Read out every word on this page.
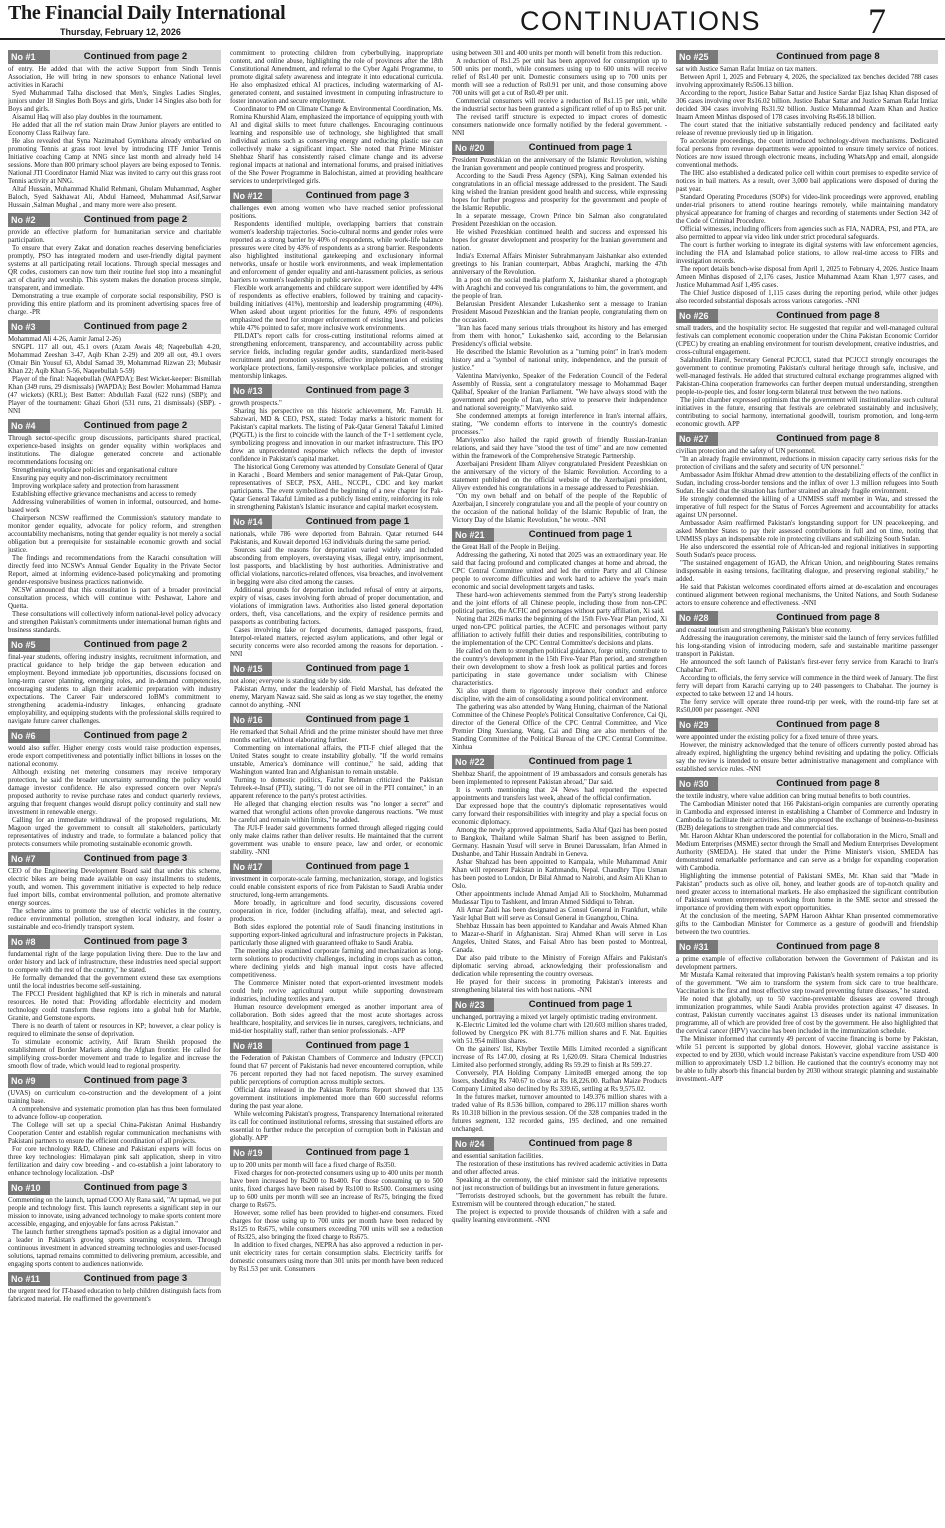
The Financial Daily International
Thursday, February 12, 2026	CONTINUATIONS	7
No #1	Continued from page 2

of entry. He added that with the active Support from Sindh Tennis Association, He will bring in new sponsors to enhance National level activities in Karachi

Syed Muhammad Talha disclosed that Men's, Singles Ladies Singles, juniors under 18 Singles Both Boys and girls, Under 14 Singles also both for Boys and girls.

Aisamul Haq will also play doubles in the tournament.

He added that all the ref station main Draw Junior players are entitled to Economy Class Railway fare.

He also revealed that Syna Nazimabad Gymkhana already embarked on promoting Tennis at grass root level by introducing ITF Junior Tennis Initiative coaching Camp at NNG since last month and already held 14 sessions. More than 800 primary school players are being exposed to Tennis. National JTI Coordinator Hamid Niaz was invited to carry out this grass root Tennis activity at NNG.

Altaf Hussain, Muhammad Khalid Rehmani, Ghulam Muhammad, Asgher Baloch, Syed Sakhawat Ali, Abdul Hameed, Muhammad Asif,Sarwar Hussain ,Salman Mughal , and many more were also present.

No #2	Continued from page 2

provide an effective platform for humanitarian service and charitable participation.

To ensure that every Zakat and donation reaches deserving beneficiaries promptly, PSO has integrated modern and user-friendly digital payment systems at all participating retail locations. Through special messages and QR codes, customers can now turn their routine fuel stop into a meaningful act of charity and worship. This system makes the donation process simple, transparent, and immediate.

Demonstrating a true example of corporate social responsibility, PSO is providing this entire platform and its prominent advertising spaces free of charge. -PR

No #3	Continued from page 2

Mohammad Ali 4-26, Aamir Jamal 2-26)

SNGPL 117 all out, 45.1 overs (Azam Awais 48; Naqeebullah 4-20, Mohammad Zeeshan 3-47, Aqib Khan 2-29) and 209 all out, 49.1 overs (Omair Bin Yousuf 63, Abdul Samad 39, Mohammad Rizwan 23; Mubasir Khan 22; Aqib Khan 5-56, Naqeebullah 5-59)

Player of the final: Naqeebullah (WAPDA); Best Wicket-keeper: Bismillah Khan (349 runs, 29 dismissals) (WAPDA); Best Bowler: Mohammad Hamza (47 wickets) (KRL); Best Batter: Abdullah Fazal (622 runs) (SBP); and Player of the tournament: Ghazi Ghori (531 runs, 21 dismissals) (SBP). -NNI

No #4	Continued from page 2

Through sector-specific group discussions, participants shared practical, experience-based insights on gender equality within workplaces and institutions. The dialogue generated concrete and actionable recommendations focusing on:

Strengthening workplace policies and organisational culture

Ensuring pay equity and non-discriminatory recruitment

Improving workplace safety and protection from harassment

Establishing effective grievance mechanisms and access to remedy

Addressing vulnerabilities of women in informal, outsourced, and home-based work

Chairperson NCSW reaffirmed the Commission's statutory mandate to monitor gender equality, advocate for policy reform, and strengthen accountability mechanisms, noting that gender equality is not merely a social obligation but a prerequisite for sustainable economic growth and social justice.

The findings and recommendations from the Karachi consultation will directly feed into NCSW's Annual Gender Equality in the Private Sector Report, aimed at informing evidence-based policymaking and promoting gender-responsive business practices nationwide.

NCSW announced that this consultation is part of a broader provincial consultation process, which will continue with: Peshawar, Lahore and Quetta.

These consultations will collectively inform national-level policy advocacy and strengthen Pakistan's commitments under international human rights and business standards.

No #5	Continued from page 2

final-year students, offering industry insights, recruitment information, and practical guidance to help bridge the gap between education and employment. Beyond immediate job opportunities, discussions focused on long-term career planning, emerging roles, and in-demand competencies, encouraging students to align their academic preparation with industry expectations. The Career Fair underscored IoBM's commitment to strengthening academia-industry linkages, enhancing graduate employability, and equipping students with the professional skills required to navigate future career challenges.

No #6	Continued from page 2

would also suffer. Higher energy costs would raise production expenses, erode export competitiveness and potentially inflict billions in losses on the national economy.

Although existing net metering consumers may receive temporary protection, he said the broader uncertainty surrounding the policy would damage investor confidence. He also expressed concern over Nepra's proposed authority to revise purchase rates and conduct quarterly reviews, arguing that frequent changes would disrupt policy continuity and stall new investment in renewable energy.

Calling for an immediate withdrawal of the proposed regulations, Mr. Magoon urged the government to consult all stakeholders, particularly representatives of industry and trade, to formulate a balanced policy that protects consumers while promoting sustainable economic growth.

No #7	Continued from page 3

CEO of the Engineering Development Board said that under this scheme, electric bikes are being made available on easy installments to students, youth, and women. This government initiative is expected to help reduce fuel import bills, combat environmental pollution, and promote alternative energy sources.

The scheme aims to promote the use of electric vehicles in the country, reduce environmental pollution, strengthen local industry, and foster a sustainable and eco-friendly transport system.

No #8	Continued from page 3

fundamental right of the large population living there. Due to the law and order history and lack of infrastructure, these industries need special support to compete with the rest of the country," he stated.

He formally demanded that the government extend these tax exemptions until the local industries become self-sustaining.

The FPCCI President highlighted that KP is rich in minerals and natural resources. He noted that: Providing affordable electricity and modern technology could transform these regions into a global hub for Marble, Granite, and Gemstone exports.

There is no dearth of talent or resources in KP; however, a clear policy is required to eliminate the sense of deprivation.

To stimulate economic activity, Atif Ikram Sheikh proposed the establishment of Border Markets along the Afghan frontier. He called for simplifying cross-border movement and trade to legalize and increase the smooth flow of trade, which would lead to regional prosperity.

No #9	Continued from page 3

(UVAS) on curriculum co-construction and the development of a joint training base.

A comprehensive and systematic promotion plan has thus been formulated to advance follow-up cooperation.

The College will set up a special China-Pakistan Animal Husbandry Cooperation Center and establish regular communication mechanisms with Pakistani partners to ensure the efficient coordination of all projects.

For core technology R&D, Chinese and Pakistani experts will focus on three key technologies: Himalayan pink salt application, sheep in vitro fertilization and dairy cow breeding - and co-establish a joint laboratory to enhance technology localization. -DsP

No #10	Continued from page 3

Commenting on the launch, tapmad COO Aly Rana said, "At tapmad, we put people and technology first. This launch represents a significant step in our mission to innovate, using advanced technology to make sports content more accessible, engaging, and enjoyable for fans across Pakistan."

The launch further strengthens tapmad's position as a digital innovator and a leader in Pakistan's growing sports streaming ecosystem. Through continuous investment in advanced streaming technologies and user-focused solutions, tapmad remains committed to delivering premium, accessible, and engaging sports content to audiences nationwide.

No #11	Continued from page 3

the urgent need for IT-based education to help children distinguish facts from fabricated material. He reaffirmed the government's

commitment to protecting children from cyberbullying, inappropriate content, and online abuse, highlighting the role of provinces after the 18th Constitutional Amendment, and referral to the Cyber Agahi Programme, to promote digital safety awareness and integrate it into educational curricula. He also emphasized ethical AI practices, including watermarking of AI-generated content, and sustained investment in computing infrastructure to foster innovation and secure employment.

Coordinator to PM on Climate Change & Environmental Coordination, Ms. Romina Khurshid Alam, emphasized the importance of equipping youth with AI and digital skills to meet future challenges. Encouraging continuous learning and responsible use of technology, she highlighted that small individual actions such as conserving energy and reducing plastic use can collectively make a significant impact. She noted that Prime Minister Shehbaz Sharif has consistently raised climate change and its adverse regional impacts at national and international forums, and praised initiatives of the She Power Programme in Balochistan, aimed at providing healthcare services to underprivileged girls.

No #12	Continued from page 3

challenges even among women who have reached senior professional positions.

Respondents identified multiple, overlapping barriers that constrain women's leadership trajectories. Socio-cultural norms and gender roles were reported as a strong barrier by 40% of respondents, while work-life balance pressures were cited by 43% of respondents as a strong barrier. Respondents also highlighted institutional gatekeeping and exclusionary informal networks, unsafe or hostile work environments, and weak implementation and enforcement of gender equality and anti-harassment policies, as serious barriers to women's leadership in public service.

Flexible work arrangements and childcare support were identified by 44% of respondents as effective enablers, followed by training and capacity-building initiatives (41%), mentorship and leadership programming (40%). When asked about urgent priorities for the future, 49% of respondents emphasized the need for stronger enforcement of existing laws and policies while 47% pointed to safer, more inclusive work environments.

PILDAT's report calls for cross-cutting institutional reforms aimed at strengthening enforcement, transparency, and accountability across public service fields, including regular gender audits, standardized merit-based recruitment and promotion systems, effective implementation of existing workplace protections, family-responsive workplace policies, and stronger mentorship linkages.

No #13	Continued from page 3

growth prospects."

Sharing his perspective on this historic achievement, Mr. Farrukh H. Sabzwari, MD & CEO, PSX, stated: Today marks a historic moment for Pakistan's capital markets. The listing of Pak-Qatar General Takaful Limited (PQGTL) is the first to coincide with the launch of the T+1 settlement cycle, symbolizing progress and innovation in our market infrastructure. This IPO drew an unprecedented response which reflects the depth of investor confidence in Pakistan's capital market.

The historical Gong Ceremony was attended by Consulate General of Qatar in Karachi , Board Members and senior management of Pak-Qatar Group, representatives of SECP, PSX, AHL, NCCPL, CDC and key market participants. The event symbolized the beginning of a new chapter for Pak-Qatar General Takaful Limited as a publicly listed entity, reinforcing its role in strengthening Pakistan's Islamic insurance and capital market ecosystem.

No #14	Continued from page 1

nationals, while 786 were deported from Bahrain. Qatar returned 644 Pakistanis, and Kuwait deported 163 individuals during the same period.

Sources said the reasons for deportation varied widely and included absconding from employers, overstaying visas, illegal entry, imprisonment, lost passports, and blacklisting by host authorities. Administrative and official violations, narcotics-related offences, visa breaches, and involvement in begging were also cited among the causes.

Additional grounds for deportation included refusal of entry at airports, expiry of visas, cases involving forth abroad of proper documentation, and violations of immigration laws. Authorities also listed general deportation orders, theft, visa cancellations, and the expiry of residence permits and passports as contributing factors.

Cases involving fake or forged documents, damaged passports, fraud, Interpol-related matters, rejected asylum applications, and other legal or security concerns were also recorded among the reasons for deportation. -NNI

No #15	Continued from page 1

not alone; everyone is standing side by side.

Pakistan Army, under the leadership of Field Marshal, has defeated the enemy, Maryam Nawaz said. She said as long as we stay together, the enemy cannot do anything. -NNI

No #16	Continued from page 1

He remarked that Sohail Afridi and the prime minister should have met three months earlier, without elaborating further.

Commenting on international affairs, the PTI-F chief alleged that the United States sought to create instability globally. "If the world remains unstable, America's dominance will continue," he said, adding that Washington wanted Iran and Afghanistan to remain unstable.

Turning to domestic politics, Fazlur Rehman criticized the Pakistan Tehreek-e-Insaf (PTI), stating, "I do not see oil in the PTI container," in an apparent reference to the party's protest activities.

He alleged that changing election results was "no longer a secret" and warned that wrongful actions often provoke dangerous reactions. "We must be careful and remain within limits," he added.

The JUI-F leader said governments formed through alleged rigging could only make claims rather than deliver results. He maintained that the current government was unable to ensure peace, law and order, or economic stability. -NNI

No #17	Continued from page 1

investment in corporate-scale farming, mechanization, storage, and logistics could enable consistent exports of rice from Pakistan to Saudi Arabia under structured, long-term arrangements.

More broadly, in agriculture and food security, discussions covered cooperation in rice, fodder (including alfalfa), meat, and selected agri-products.

Both sides explored the potential role of Saudi financing institutions in supporting export-linked agricultural and infrastructure projects in Pakistan, particularly those aligned with guaranteed offtake to Saudi Arabia.

The meeting also examined corporate farming and mechanization as long-term solutions to productivity challenges, including in crops such as cotton, where declining yields and high manual input costs have affected competitiveness.

The Commerce Minister noted that export-oriented investment models could help revive agricultural output while supporting downstream industries, including textiles and yarn.

Human resource development emerged as another important area of collaboration. Both sides agreed that the most acute shortages across healthcare, hospitality, and services lie in nurses, caregivers, technicians, and mid-tier hospitality staff, rather than senior professionals. -APP

No #18	Continued from page 1

the Federation of Pakistan Chambers of Commerce and Industry (FPCCI) found that 67 percent of Pakistanis had never encountered corruption, while 76 percent reported they had not faced nepotism. The survey examined public perceptions of corruption across multiple sectors.

Official data released in the Pakistan Reforms Report showed that 135 government institutions implemented more than 600 successful reforms during the past year alone.

While welcoming Pakistan's progress, Transparency International reiterated its call for continued institutional reforms, stressing that sustained efforts are essential to further reduce the perception of corruption both in Pakistan and globally. APP

No #19	Continued from page 1

up to 200 units per month will face a fixed charge of Rs350.

Fixed charges for non-protected consumers using up to 400 units per month have been increased by Rs200 to Rs400. For those consuming up to 500 units, fixed charges have been raised by Rs100 to Rs500. Consumers using up to 600 units per month will see an increase of Rs75, bringing the fixed charge to Rs675.

However, some relief has been provided to higher-end consumers. Fixed charges for those using up to 700 units per month have been reduced by Rs125 to Rs675, while consumers exceeding 700 units will see a reduction of Rs325, also bringing the fixed charge to Rs675.

In addition to fixed charges, NEPRA has also approved a reduction in per-unit electricity rates for certain consumption slabs. Electricity tariffs for domestic consumers using more than 301 units per month have been reduced by Rs1.53 per unit. Consumers

using between 301 and 400 units per month will benefit from this reduction.

A reduction of Rs1.25 per unit has been approved for consumption up to 500 units per month, while consumers using up to 600 units will receive relief of Rs1.40 per unit. Domestic consumers using up to 700 units per month will see a reduction of Rs0.91 per unit, and those consuming above 700 units will get a cut of Rs0.49 per unit.

Commercial consumers will receive a reduction of Rs1.15 per unit, while the industrial sector has been granted a significant relief of up to Rs5 per unit.

The revised tariff structure is expected to impact crores of domestic consumers nationwide once formally notified by the federal government. -NNI

No #20	Continued from page 1

President Pezeshkian on the anniversary of the Islamic Revolution, wishing the Iranian government and people continued progress and prosperity.

According to the Saudi Press Agency (SPA), King Salman extended his congratulations in an official message addressed to the president. The Saudi king wished the Iranian president good health and success, while expressing hopes for further progress and prosperity for the government and people of the Islamic Republic.

In a separate message, Crown Prince bin Salman also congratulated President Pezeshkian on the occasion.

He wished Pezeshkian continued health and success and expressed his hopes for greater development and prosperity for the Iranian government and nation.

India's External Affairs Minister Subrahmanyam Jaishankar also extended greetings to his Iranian counterpart, Abbas Araghchi, marking the 47th anniversary of the Revolution.

In a post on the social media platform X, Jaishankar shared a photograph with Araghchi and conveyed his congratulations to him, the government, and the people of Iran.

Belarusian President Alexander Lukashenko sent a message to Iranian President Masoud Pezeshkian and the Iranian people, congratulating them on the occasion.

"Iran has faced many serious trials throughout its history and has emerged from them with honor," Lukashenko said, according to the Belarusian Presidency's official website.

He described the Islamic Revolution as a "turning point" in Iran's modern history and a "symbol of national unity, independence, and the pursuit of justice."

Valentina Matviyenko, Speaker of the Federation Council of the Federal Assembly of Russia, sent a congratulatory message to Mohammad Baqer Qalibaf, Speaker of the Iranian Parliament. "We have always stood with the government and people of Iran, who strive to preserve their independence and national sovereignty," Matviyenko said.

She condemned attempts at foreign interference in Iran's internal affairs, stating, "We condemn efforts to intervene in the country's domestic processes."

Matviyenko also hailed the rapid growth of friendly Russian-Iranian relations, and said they have "stood the test of time" and are now cemented within the framework of the Comprehensive Strategic Partnership.

Azerbaijani President Ilham Aliyev congratulated President Pezeshkian on the anniversary of the victory of the Islamic Revolution. According to a statement published on the official website of the Azerbaijani president, Aliyev extended his congratulations in a message addressed to Pezeshkian.

"On my own behalf and on behalf of the people of the Republic of Azerbaijan, I sincerely congratulate you and all the people of your country on the occasion of the national holiday of the Islamic Republic of Iran, the Victory Day of the Islamic Revolution," he wrote. -NNI

No #21	Continued from page 1

the Great Hall of the People in Beijing.

Addressing the gathering, Xi noted that 2025 was an extraordinary year. He said that facing profound and complicated changes at home and abroad, the CPC Central Committee united and led the entire Party and all Chinese people to overcome difficulties and work hard to achieve the year's main economic and social development targets and tasks.

These hard-won achievements stemmed from the Party's strong leadership and the joint efforts of all Chinese people, including those from non-CPC political parties, the ACFIC and personages without party affiliation, Xi said.

Noting that 2026 marks the beginning of the 15th Five-Year Plan period, Xi urged non-CPC political parties, the ACFIC and personages without party affiliation to actively fulfill their duties and responsibilities, contributing to the implementation of the CPC Central Committee's decisions and plans.

He called on them to strengthen political guidance, forge unity, contribute to the country's development in the 15th Five-Year Plan period, and strengthen their own development to show a fresh look as political parties and forces participating in state governance under socialism with Chinese characteristics.

Xi also urged them to rigorously improve their conduct and enforce discipline, with the aim of consolidating a sound political environment.

The gathering was also attended by Wang Huning, chairman of the National Committee of the Chinese People's Political Consultative Conference, Cai Qi, director of the General Office of the CPC Central Committee, and Vice Premier Ding Xuexiang. Wang, Cai and Ding are also members of the Standing Committee of the Political Bureau of the CPC Central Committee. Xinhua

No #22	Continued from page 1

Shehbaz Sharif, the appointment of 19 ambassadors and consuls generals has been implemented to represent Pakistan abroad," Dar said.

It is worth mentioning that 24 News had reported the expected appointments and transfers last week, ahead of the official confirmation.

Dar expressed hope that the country's diplomatic representatives would carry forward their responsibilities with integrity and play a special focus on economic diplomacy.

Among the newly approved appointments, Sadia Altaf Qazi has been posted to Bangkok, Thailand while Salman Sharif has been assigned to Berlin, Germany. Hasnain Yusuf will serve in Brunei Darussalam, Irfan Ahmed in Dushanbe, and Tahir Hussain Andrabi in Geneva.

Ashar Shahzad has been appointed to Kampala, while Muhammad Amir Khan will represent Pakistan in Kathmandu, Nepal. Chaudhry Tipu Usman has been posted to London, Dr Bilal Ahmad to Nairobi, and Asim Ali Khan to Oslo.

Other appointments include Ahmad Amjad Ali to Stockholm, Muhammad Mudassar Tipu to Tashkent, and Imran Ahmed Siddiqui to Tehran.

Ali Amar Zaidi has been designated as Consul General in Frankfurt, while Yasir Iqbal Butt will serve as Consul General in Guangzhou, China.

Shehbaz Hussain has been appointed to Kandahar and Awais Ahmed Khan to Mazar-e-Sharif in Afghanistan. Siraj Ahmed Khan will serve in Los Angeles, United States, and Faisal Abro has been posted to Montreal, Canada.

Dar also paid tribute to the Ministry of Foreign Affairs and Pakistan's diplomatic serving abroad, acknowledging their professionalism and dedication while representing the country overseas.

He prayed for their success in promoting Pakistan's interests and strengthening bilateral ties with host nations. -NNI

No #23	Continued from page 1

unchanged, portraying a mixed yet largely optimistic trading environment.

K-Electric Limited led the volume chart with 120.603 million shares traded, followed by Cnergyico PK with 81.776 million shares and F. Nat. Equities with 51.954 million shares.

On the gainers' list, Khyber Textile Mills Limited recorded a significant increase of Rs 147.00, closing at Rs 1,620.09. Sitara Chemical Industries Limited also performed strongly, adding Rs 59.29 to finish at Rs 599.27.

Conversely, PIA Holding Company LimitedB emerged among the top losers, shedding Rs 740.67 to close at Rs 18,226.00. Rafhan Maize Products Company Limited also declined by Rs 339.65, settling at Rs 9,575.02.

In the futures market, turnover amounted to 149.376 million shares with a traded value of Rs 8.536 billion, compared to 286.117 million shares worth Rs 10.318 billion in the previous session. Of the 328 companies traded in the futures segment, 132 recorded gains, 195 declined, and one remained unchanged.

No #24	Continued from page 8

and essential sanitation facilities.

The restoration of these institutions has revived academic activities in Datta and other affected areas.

Speaking at the ceremony, the chief minister said the initiative represents not just reconstruction of buildings but an investment in future generations.

"Terrorists destroyed schools, but the government has rebuilt the future. Extremism will be countered through education," he stated.

The project is expected to provide thousands of children with a safe and quality learning environment. -NNI

No #25	Continued from page 8

sat with Justice Saman Rafat Imtiaz on tax matters.

Between April 1, 2025 and February 4, 2026, the specialized tax benches decided 788 cases involving approximately Rs506.13 billion.

According to the report, Justice Babar Sattar and Justice Sardar Ejaz Ishaq Khan disposed of 306 cases involving over Rs16.02 billion. Justice Babar Sattar and Justice Saman Rafat Imtiaz decided 304 cases involving Rs31.92 billion. Justice Muhammad Azam Khan and Justice Inaam Ameen Minhas disposed of 178 cases involving Rs456.18 billion.

The court stated that the initiative substantially reduced pendency and facilitated early release of revenue previously tied up in litigation.

To accelerate proceedings, the court introduced technology-driven mechanisms. Dedicated focal persons from revenue departments were appointed to ensure timely service of notices. Notices are now issued through electronic means, including WhatsApp and email, alongside conventional methods.

The IHC also established a dedicated police cell within court premises to expedite service of notices in bail matters. As a result, over 3,000 bail applications were disposed of during the past year.

Standard Operating Procedures (SOPs) for video-link proceedings were approved, enabling under-trial prisoners to attend routine hearings remotely, while maintaining mandatory physical appearance for framing of charges and recording of statements under Section 342 of the Code of Criminal Procedure.

Official witnesses, including officers from agencies such as FIA, NADRA, PSI, and PTA, are also permitted to appear via video link under strict procedural safeguards.

The court is further working to integrate its digital systems with law enforcement agencies, including the FIA and Islamabad police stations, to allow real-time access to FIRs and investigation records.

The report details bench-wise disposal from April 1, 2025 to February 4, 2026. Justice Inaam Ameen Minhas disposed of 2,176 cases, Justice Muhammad Azam Khan 1,977 cases, and Justice Muhammad Asif 1,495 cases.

The Chief Justice disposed of 1,115 cases during the reporting period, while other judges also recorded substantial disposals across various categories. -NNI

No #26	Continued from page 8

small traders, and the hospitality sector. He suggested that regular and well-managed cultural festivals can complement economic cooperation under the China Pakistan Economic Corridor (CPEC) by creating an enabling environment for tourism development, creative industries, and cross-cultural engagement.

Salahuddin Hanif, Secretary General PCJCCI, stated that PCJCCI strongly encourages the government to continue promoting Pakistan's cultural heritage through safe, inclusive, and well-managed festivals. He added that structured cultural exchange programmes aligned with Pakistan-China cooperation frameworks can further deepen mutual understanding, strengthen people-to-people ties, and foster long-term bilateral trust between the two nations.

The joint chamber expressed optimism that the government will institutionalize such cultural initiatives in the future, ensuring that festivals are celebrated sustainably and inclusively, contributing to social harmony, international goodwill, tourism promotion, and long-term economic growth. APP

No #27	Continued from page 8

civilian protection and the safety of UN personnel.

"In an already fragile environment, reductions in mission capacity carry serious risks for the protection of civilians and the safety and security of UN personnel."

Ambassador Asim Iftikhar Ahmad drew attention to the destabilizing effects of the conflict in Sudan, including cross-border tensions and the influx of over 1.3 million refugees into South Sudan. He said that the situation has further strained an already fragile environment.

He strongly condemned the killing of a UNMISS staff member in Wau, and stressed the imperative of full respect for the Status of Forces Agreement and accountability for attacks against UN personnel.

Ambassador Asim reaffirmed Pakistan's longstanding support for UN peacekeeping, and asked Member States to pay their assessed contributions in full and on time, noting that UNMISS plays an indispensable role in protecting civilians and stabilizing South Sudan.

He also underscored the essential role of African-led and regional initiatives in supporting South Sudan's peace process.

"The sustained engagement of IGAD, the African Union, and neighbouring States remains indispensable in easing tensions, facilitating dialogue, and preserving regional stability," he added.

He said that Pakistan welcomes coordinated efforts aimed at de-escalation and encourages continued alignment between regional mechanisms, the United Nations, and South Sudanese actors to ensure coherence and effectiveness. -NNI

No #28	Continued from page 8

and coastal tourism and strengthening Pakistan's blue economy.

Addressing the inauguration ceremony, the minister said the launch of ferry services fulfilled his long-standing vision of introducing modern, safe and sustainable maritime passenger transport in Pakistan.

He announced the soft launch of Pakistan's first-ever ferry service from Karachi to Iran's Chabahar Port.

According to officials, the ferry service will commence in the third week of January. The first ferry will depart from Karachi carrying up to 240 passengers to Chabahar. The journey is expected to take between 12 and 14 hours.

The ferry service will operate three round-trip per week, with the round-trip fare set at Rs50,000 per passenger. -NNI

No #29	Continued from page 8

were appointed under the existing policy for a fixed tenure of three years.

However, the ministry acknowledged that the tenure of officers currently posted abroad has already expired, highlighting the urgency behind revisiting and updating the policy. Officials say the review is intended to ensure better administrative management and compliance with established service rules. -NNI

No #30	Continued from page 8

the textile industry, where value addition can bring mutual benefits to both countries.

The Cambodian Minister noted that 166 Pakistani-origin companies are currently operating in Cambodia and expressed interest in establishing a Chamber of Commerce and Industry in Cambodia to facilitate their activities. She also proposed the exchange of business-to-business (B2B) delegations to strengthen trade and commercial ties.

Mr. Haroon Akhtar Khan underscored the potential for collaboration in the Micro, Small and Medium Enterprises (MSME) sector through the Small and Medium Enterprises Development Authority (SMEDA). He stated that under the Prime Minister's vision, SMEDA has demonstrated remarkable performance and can serve as a bridge for expanding cooperation with Cambodia.

Highlighting the immense potential of Pakistani SMEs, Mr. Khan said that "Made in Pakistan" products such as olive oil, honey, and leather goods are of top-notch quality and need greater access to international markets. He also emphasized the significant contribution of Pakistani women entrepreneurs working from home in the SME sector and stressed the importance of providing them with export opportunities.

At the conclusion of the meeting, SAPM Haroon Akhtar Khan presented commemorative gifts to the Cambodian Minister for Commerce as a gesture of goodwill and friendship between the two countries.

No #31	Continued from page 8

a prime example of effective collaboration between the Government of Pakistan and its development partners.

Mr Mustafa Kamal reiterated that improving Pakistan's health system remains a top priority of the government. "We aim to transform the system from sick care to true healthcare. Vaccination is the first and most effective step toward preventing future diseases," he stated.

He noted that globally, up to 50 vaccine-preventable diseases are covered through immunization programmes, while Saudi Arabia provides protection against 47 diseases. In contrast, Pakistan currently vaccinates against 13 diseases under its national immunization programme, all of which are provided free of cost by the government. He also highlighted that the cervical cancer (HPV) vaccine has been included in the immunization schedule.

The Minister informed that currently 49 percent of vaccine financing is borne by Pakistan, while 51 percent is supported by global donors. However, global vaccine assistance is expected to end by 2030, which would increase Pakistan's vaccine expenditure from USD 400 million to approximately USD 1.2 billion. He cautioned that the country's economy may not be able to fully absorb this financial burden by 2030 without strategic planning and sustainable investment.-APP
